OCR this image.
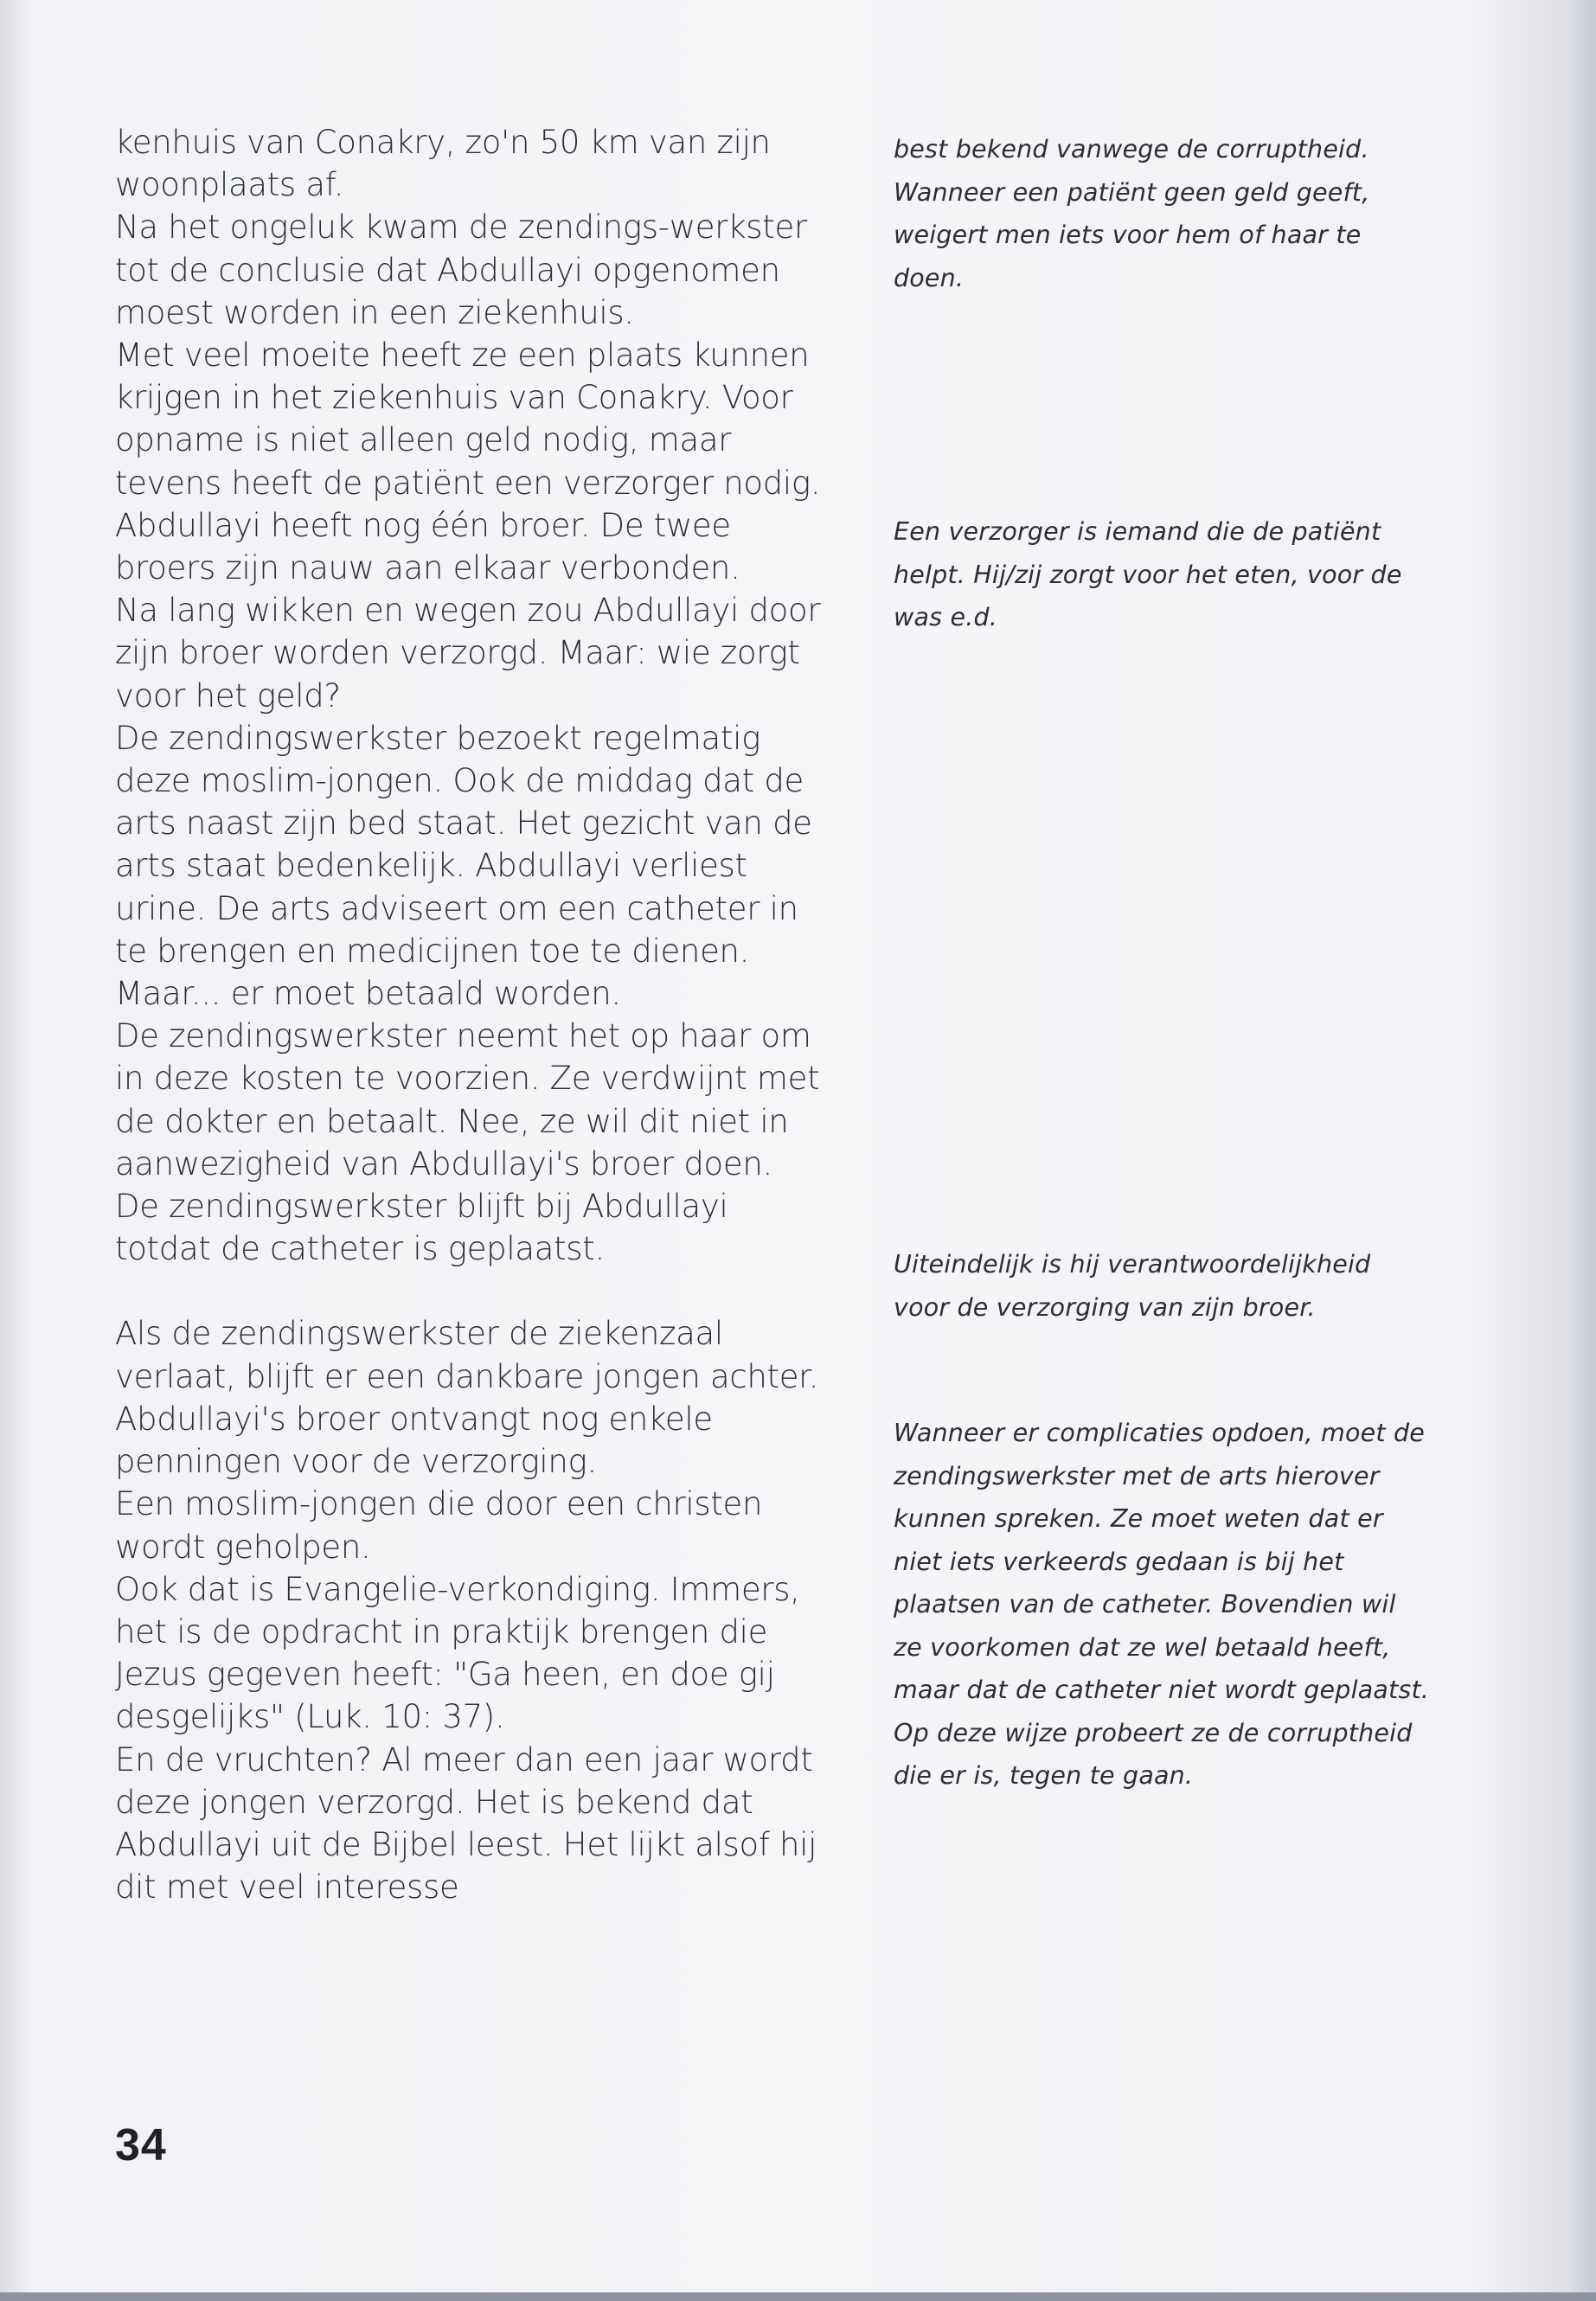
kenhuis van Conakry, zo'n 50 km van zijn woonplaats af.

Na het ongeluk kwam de zendings-werkster tot de conclusie dat Abdullayi opgenomen moest worden in een ziekenhuis.

Met veel moeite heeft ze een plaats kunnen krijgen in het ziekenhuis van Conakry. Voor opname is niet alleen geld nodig, maar tevens heeft de patiënt een verzorger nodig.

Abdullayi heeft nog één broer. De twee broers zijn nauw aan elkaar verbonden.

Na lang wikken en wegen zou Abdullayi door zijn broer worden verzorgd. Maar: wie zorgt voor het geld?

De zendingswerkster bezoekt regelmatig deze moslim-jongen. Ook de middag dat de arts naast zijn bed staat. Het gezicht van de arts staat bedenkelijk. Abdullayi verliest urine. De arts adviseert om een catheter in te brengen en medicijnen toe te dienen. Maar... er moet betaald worden.

De zendingswerkster neemt het op haar om in deze kosten te voorzien. Ze verdwijnt met de dokter en betaalt. Nee, ze wil dit niet in aanwezigheid van Abdullayi's broer doen.

De zendingswerkster blijft bij Abdullayi totdat de catheter is geplaatst.

Als de zendingswerkster de ziekenzaal verlaat, blijft er een dankbare jongen achter. Abdullayi's broer ontvangt nog enkele penningen voor de verzorging.

Een moslim-jongen die door een christen wordt geholpen.

Ook dat is Evangelie-verkondiging. Immers, het is de opdracht in praktijk brengen die Jezus gegeven heeft: "Ga heen, en doe gij desgelijks" (Luk. 10: 37).

En de vruchten? Al meer dan een jaar wordt deze jongen verzorgd. Het is bekend dat Abdullayi uit de Bijbel leest. Het lijkt alsof hij dit met veel interesse

best bekend vanwege de corruptheid. Wanneer een patiënt geen geld geeft, weigert men iets voor hem of haar te doen.

Een verzorger is iemand die de patiënt helpt. Hij/zij zorgt voor het eten, voor de was e.d.

Uiteindelijk is hij verantwoordelijkheid voor de verzorging van zijn broer.

Wanneer er complicaties opdoen, moet de zendingswerkster met de arts hierover kunnen spreken. Ze moet weten dat er niet iets verkeerds gedaan is bij het plaatsen van de catheter. Bovendien wil ze voorkomen dat ze wel betaald heeft, maar dat de catheter niet wordt geplaatst. Op deze wijze probeert ze de corruptheid die er is, tegen te gaan.

34
